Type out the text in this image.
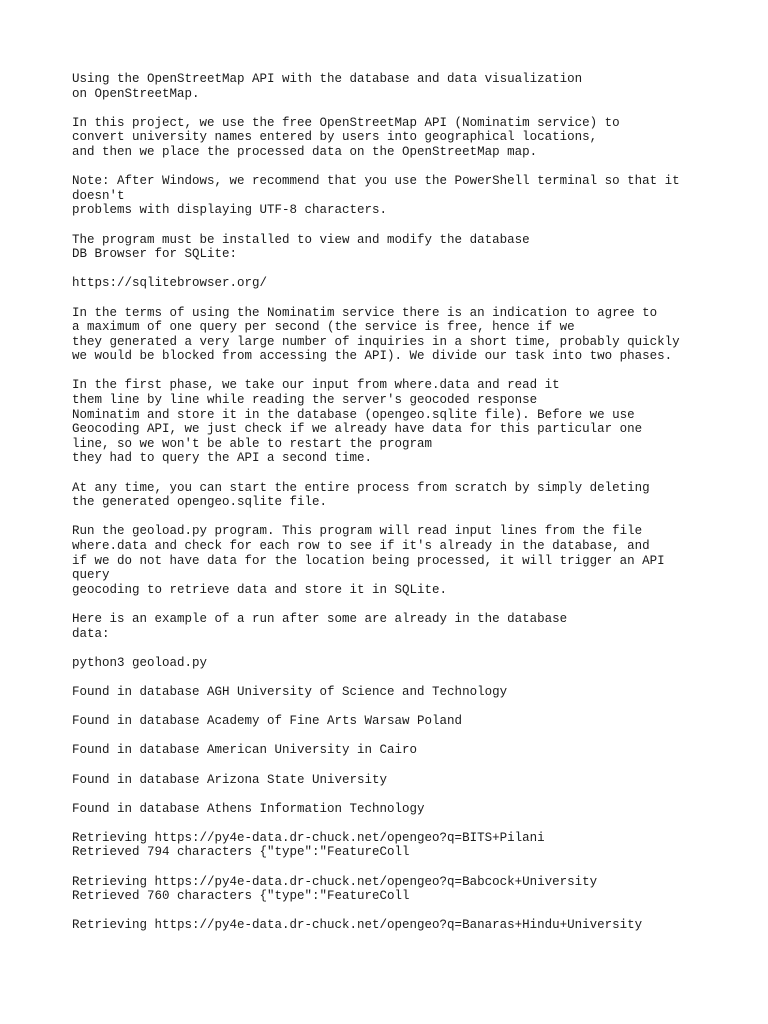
Using the OpenStreetMap API with the database and data visualization
on OpenStreetMap.
In this project, we use the free OpenStreetMap API (Nominatim service) to
convert university names entered by users into geographical locations,
and then we place the processed data on the OpenStreetMap map.
Note: After Windows, we recommend that you use the PowerShell terminal so that it
doesn't
problems with displaying UTF-8 characters.
The program must be installed to view and modify the database
DB Browser for SQLite:
https://sqlitebrowser.org/
In the terms of using the Nominatim service there is an indication to agree to
a maximum of one query per second (the service is free, hence if we
they generated a very large number of inquiries in a short time, probably quickly
we would be blocked from accessing the API). We divide our task into two phases.
In the first phase, we take our input from where.data and read it
them line by line while reading the server's geocoded response
Nominatim and store it in the database (opengeo.sqlite file). Before we use
Geocoding API, we just check if we already have data for this particular one
line, so we won't be able to restart the program
they had to query the API a second time.
At any time, you can start the entire process from scratch by simply deleting
the generated opengeo.sqlite file.
Run the geoload.py program. This program will read input lines from the file
where.data and check for each row to see if it's already in the database, and
if we do not have data for the location being processed, it will trigger an API
query
geocoding to retrieve data and store it in SQLite.
Here is an example of a run after some are already in the database
data:
python3 geoload.py
Found in database AGH University of Science and Technology
Found in database Academy of Fine Arts Warsaw Poland
Found in database American University in Cairo
Found in database Arizona State University
Found in database Athens Information Technology
Retrieving https://py4e-data.dr-chuck.net/opengeo?q=BITS+Pilani
Retrieved 794 characters {"type":"FeatureColl
Retrieving https://py4e-data.dr-chuck.net/opengeo?q=Babcock+University
Retrieved 760 characters {"type":"FeatureColl
Retrieving https://py4e-data.dr-chuck.net/opengeo?q=Banaras+Hindu+University
